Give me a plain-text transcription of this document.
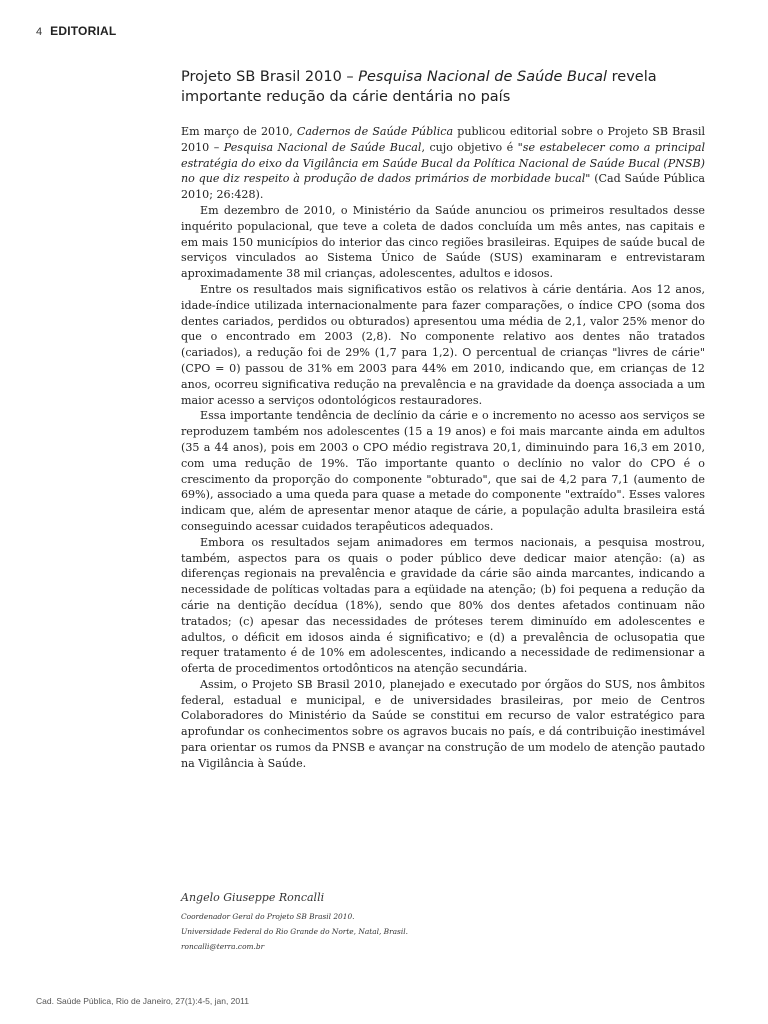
4 EDITORIAL
Projeto SB Brasil 2010 – Pesquisa Nacional de Saúde Bucal revela importante redução da cárie dentária no país

Em março de 2010, Cadernos de Saúde Pública publicou editorial sobre o Projeto SB Brasil 2010 – Pesquisa Nacional de Saúde Bucal, cujo objetivo é "se estabelecer como a principal estratégia do eixo da Vigilância em Saúde Bucal da Política Nacional de Saúde Bucal (PNSB) no que diz respeito à produção de dados primários de morbidade bucal" (Cad Saúde Pública 2010; 26:428).

Em dezembro de 2010, o Ministério da Saúde anunciou os primeiros resultados desse inquérito populacional, que teve a coleta de dados concluída um mês antes, nas capitais e em mais 150 municípios do interior das cinco regiões brasileiras. Equipes de saúde bucal de serviços vinculados ao Sistema Único de Saúde (SUS) examinaram e entrevistaram aproximadamente 38 mil crianças, adolescentes, adultos e idosos.

Entre os resultados mais significativos estão os relativos à cárie dentária. Aos 12 anos, idade-índice utilizada internacionalmente para fazer comparações, o índice CPO (soma dos dentes cariados, perdidos ou obturados) apresentou uma média de 2,1, valor 25% menor do que o encontrado em 2003 (2,8). No componente relativo aos dentes não tratados (cariados), a redução foi de 29% (1,7 para 1,2). O percentual de crianças "livres de cárie" (CPO = 0) passou de 31% em 2003 para 44% em 2010, indicando que, em crianças de 12 anos, ocorreu significativa redução na prevalência e na gravidade da doença associada a um maior acesso a serviços odontológicos restauradores.

Essa importante tendência de declínio da cárie e o incremento no acesso aos serviços se reproduzem também nos adolescentes (15 a 19 anos) e foi mais marcante ainda em adultos (35 a 44 anos), pois em 2003 o CPO médio registrava 20,1, diminuindo para 16,3 em 2010, com uma redução de 19%. Tão importante quanto o declínio no valor do CPO é o crescimento da proporção do componente "obturado", que sai de 4,2 para 7,1 (aumento de 69%), associado a uma queda para quase a metade do componente "extraído". Esses valores indicam que, além de apresentar menor ataque de cárie, a população adulta brasileira está conseguindo acessar cuidados terapêuticos adequados.

Embora os resultados sejam animadores em termos nacionais, a pesquisa mostrou, também, aspectos para os quais o poder público deve dedicar maior atenção: (a) as diferenças regionais na prevalência e gravidade da cárie são ainda marcantes, indicando a necessidade de políticas voltadas para a eqüidade na atenção; (b) foi pequena a redução da cárie na dentição decídua (18%), sendo que 80% dos dentes afetados continuam não tratados; (c) apesar das necessidades de próteses terem diminuído em adolescentes e adultos, o déficit em idosos ainda é significativo; e (d) a prevalência de oclusopatia que requer tratamento é de 10% em adolescentes, indicando a necessidade de redimensionar a oferta de procedimentos ortodônticos na atenção secundária.

Assim, o Projeto SB Brasil 2010, planejado e executado por órgãos do SUS, nos âmbitos federal, estadual e municipal, e de universidades brasileiras, por meio de Centros Colaboradores do Ministério da Saúde se constitui em recurso de valor estratégico para aprofundar os conhecimentos sobre os agravos bucais no país, e dá contribuição inestimável para orientar os rumos da PNSB e avançar na construção de um modelo de atenção pautado na Vigilância à Saúde.

Angelo Giuseppe Roncalli
Coordenador Geral do Projeto SB Brasil 2010.
Universidade Federal do Rio Grande do Norte, Natal, Brasil.
roncalli@terra.com.br
Cad. Saúde Pública, Rio de Janeiro, 27(1):4-5, jan, 2011
